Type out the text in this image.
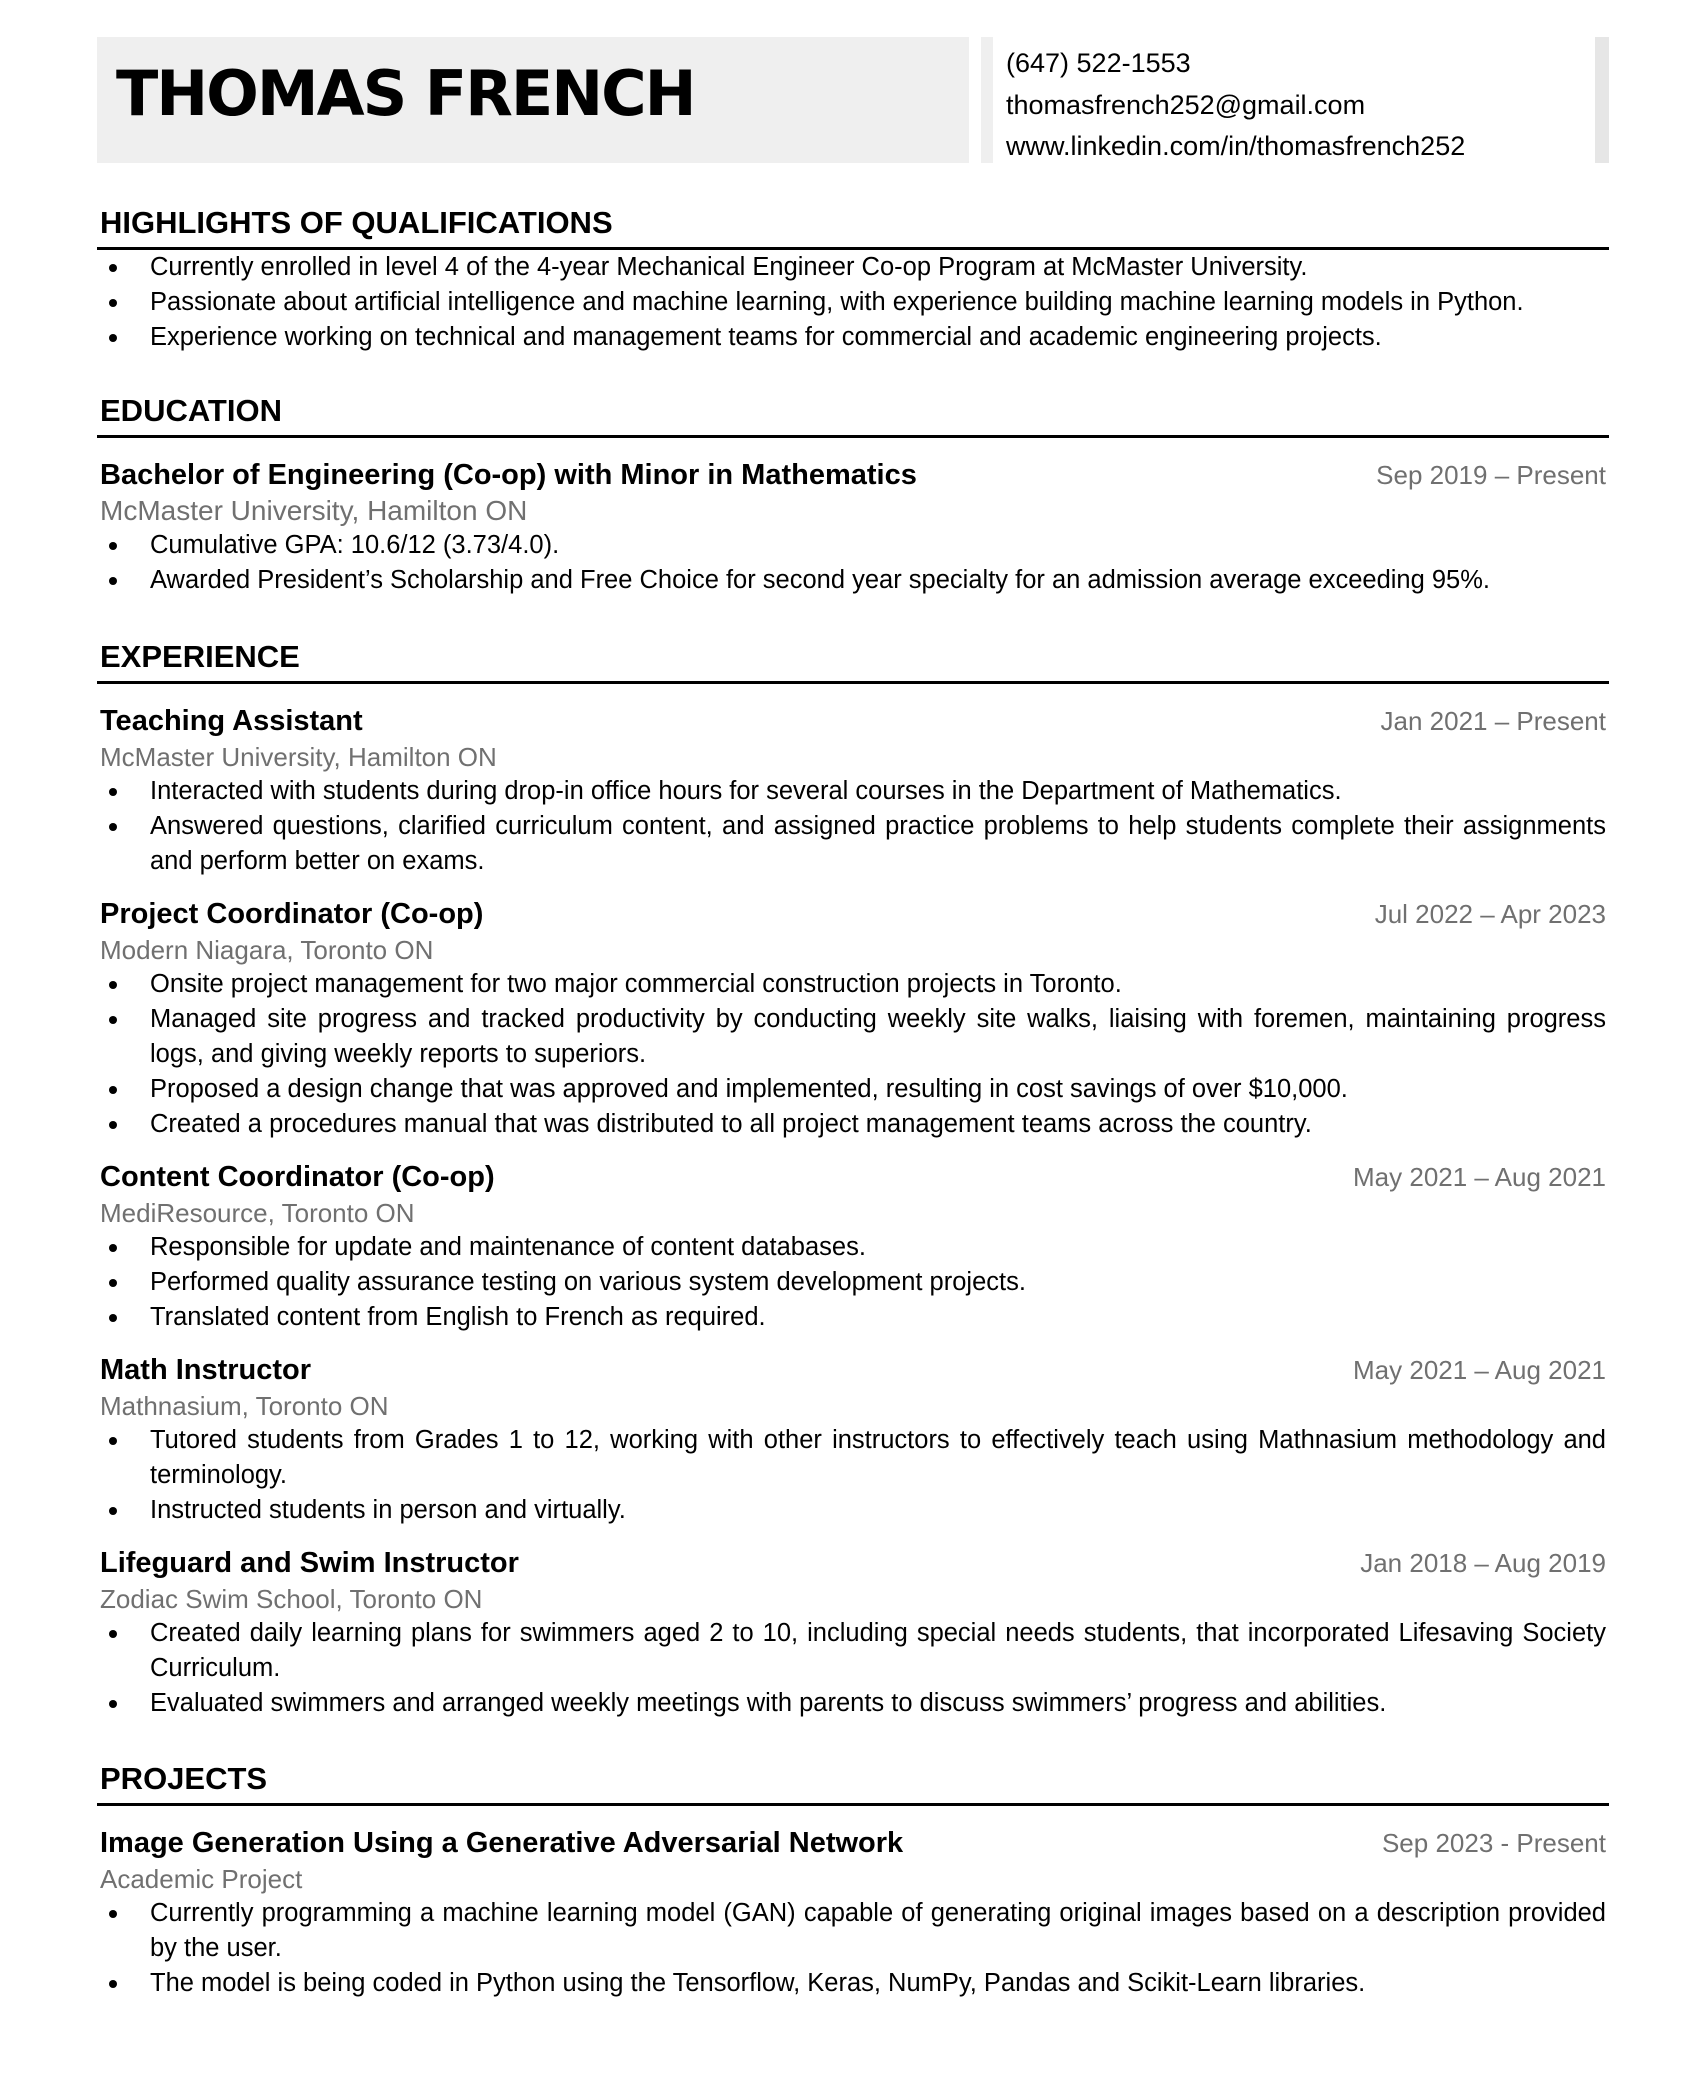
THOMAS FRENCH	(647) 522-1553
thomasfrench252@gmail.com
www.linkedin.com/in/thomasfrench252
HIGHLIGHTS OF QUALIFICATIONS
Currently enrolled in level 4 of the 4-year Mechanical Engineer Co-op Program at McMaster University.
Passionate about artificial intelligence and machine learning, with experience building machine learning models in Python.
Experience working on technical and management teams for commercial and academic engineering projects.
EDUCATION
Bachelor of Engineering (Co-op) with Minor in Mathematics	Sep 2019 – Present
McMaster University, Hamilton ON
Cumulative GPA: 10.6/12 (3.73/4.0).
Awarded President’s Scholarship and Free Choice for second year specialty for an admission average exceeding 95%.
EXPERIENCE
Teaching Assistant	Jan 2021 – Present
McMaster University, Hamilton ON
Interacted with students during drop-in office hours for several courses in the Department of Mathematics.
Answered questions, clarified curriculum content, and assigned practice problems to help students complete their assignments and perform better on exams.
Project Coordinator (Co-op)	Jul 2022 – Apr 2023
Modern Niagara, Toronto ON
Onsite project management for two major commercial construction projects in Toronto.
Managed site progress and tracked productivity by conducting weekly site walks, liaising with foremen, maintaining progress logs, and giving weekly reports to superiors.
Proposed a design change that was approved and implemented, resulting in cost savings of over $10,000.
Created a procedures manual that was distributed to all project management teams across the country.
Content Coordinator (Co-op)	May 2021 – Aug 2021
MediResource, Toronto ON
Responsible for update and maintenance of content databases.
Performed quality assurance testing on various system development projects.
Translated content from English to French as required.
Math Instructor	May 2021 – Aug 2021
Mathnasium, Toronto ON
Tutored students from Grades 1 to 12, working with other instructors to effectively teach using Mathnasium methodology and terminology.
Instructed students in person and virtually.
Lifeguard and Swim Instructor	Jan 2018 – Aug 2019
Zodiac Swim School, Toronto ON
Created daily learning plans for swimmers aged 2 to 10, including special needs students, that incorporated Lifesaving Society Curriculum.
Evaluated swimmers and arranged weekly meetings with parents to discuss swimmers’ progress and abilities.
PROJECTS
Image Generation Using a Generative Adversarial Network	Sep 2023 - Present
Academic Project
Currently programming a machine learning model (GAN) capable of generating original images based on a description provided by the user.
The model is being coded in Python using the Tensorflow, Keras, NumPy, Pandas and Scikit-Learn libraries.
